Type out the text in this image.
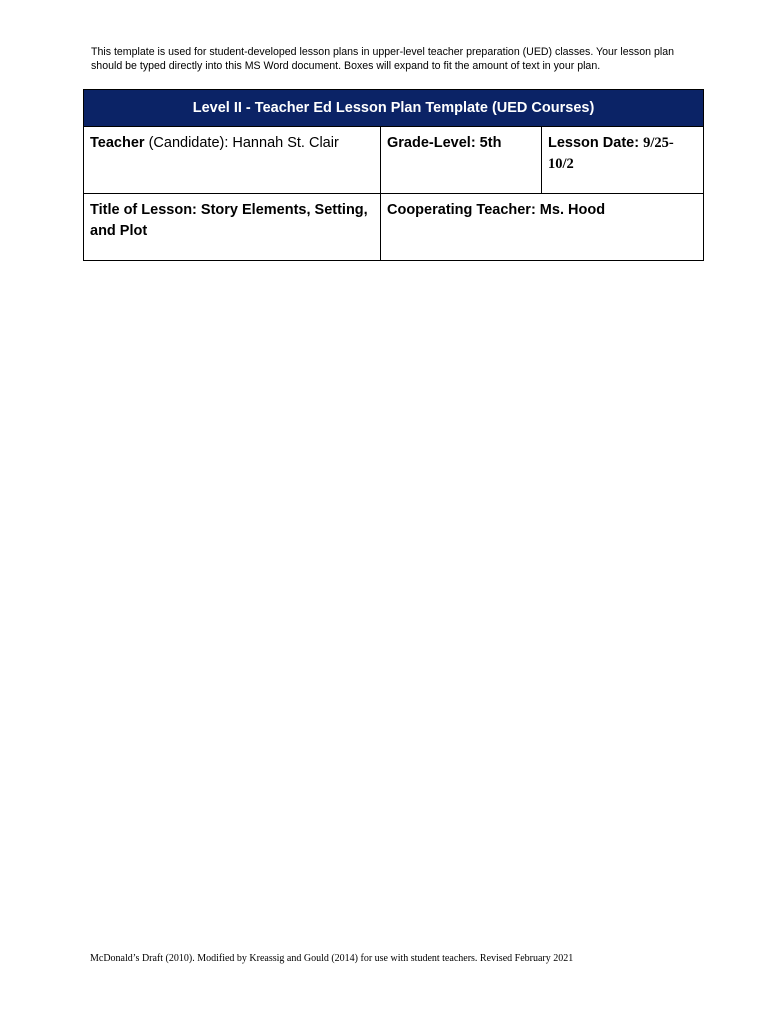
This template is used for student-developed lesson plans in upper-level teacher preparation (UED) classes. Your lesson plan should be typed directly into this MS Word document. Boxes will expand to fit the amount of text in your plan.
Level II - Teacher Ed Lesson Plan Template (UED Courses)		
Teacher (Candidate): Hannah St. Clair	Grade-Level: 5th	Lesson Date: 9/25-10/2
Title of Lesson: Story Elements, Setting, and Plot	Cooperating Teacher: Ms. Hood	
McDonald’s Draft (2010). Modified by Kreassig and Gould (2014) for use with student teachers. Revised February 2021
